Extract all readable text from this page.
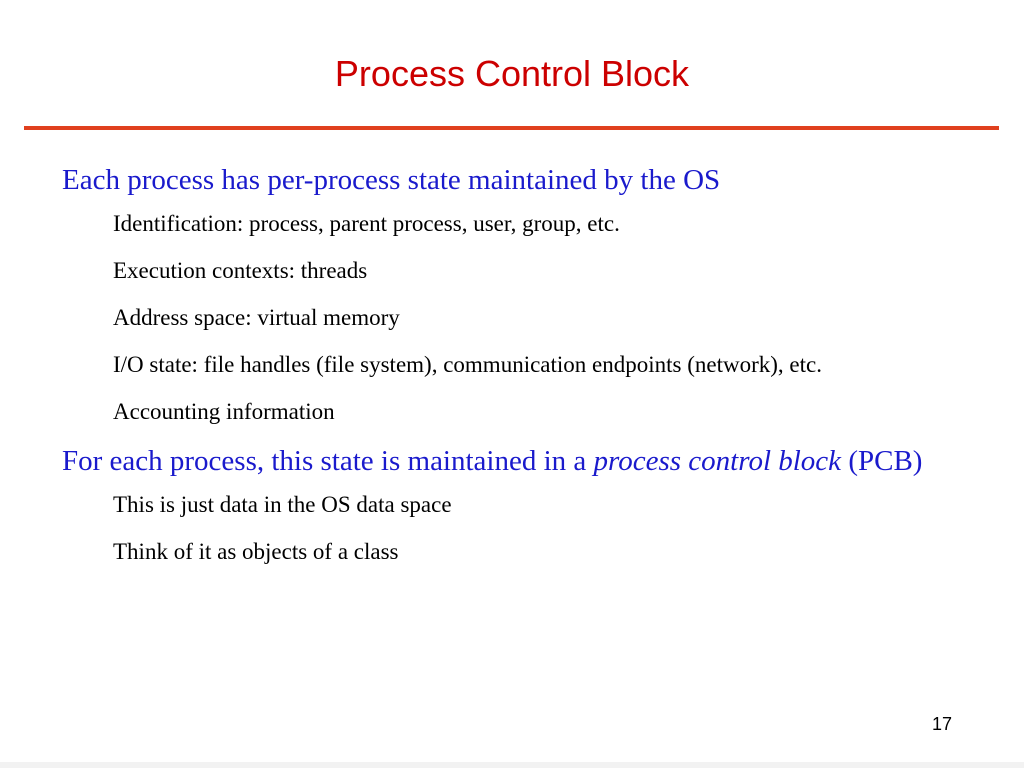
Process Control Block

Each process has per-process state maintained by the OS

Identification: process, parent process, user, group, etc.

Execution contexts: threads

Address space: virtual memory

I/O state: file handles (file system), communication endpoints (network), etc.

Accounting information

For each process, this state is maintained in a process control block (PCB)

This is just data in the OS data space

Think of it as objects of a class

17
